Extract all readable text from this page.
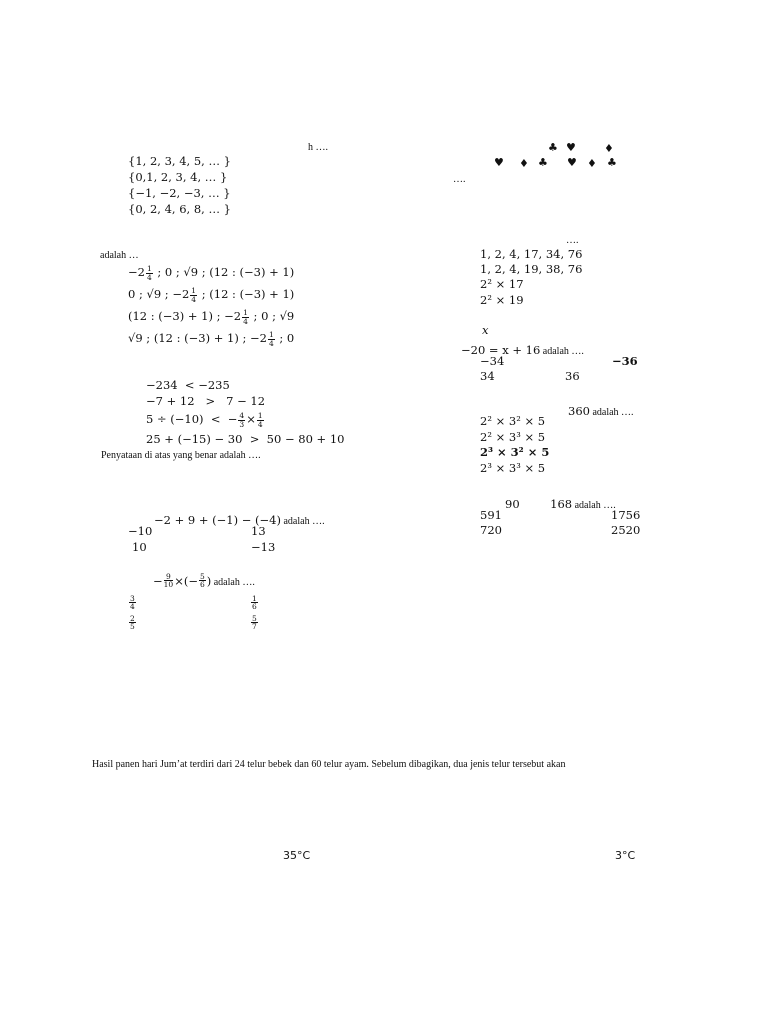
h ….
{1, 2, 3, 4, 5, … }
{0,1, 2, 3, 4, … }
{−1, −2, −3, … }
{0, 2, 4, 6, 8, … }
♣ ♥	♦
♥ ♦ ♣ ♥ ♦ ♣
….
adalah …
$-2 \frac{1}{4}$ ; 0 ; √9 ; (12 : (−3) + 1)
0 ; √9 ; $-2 \frac{1}{4}$ ; (12 : (−3) + 1)
(12 : (−3) + 1) ; $-2 \frac{1}{4}$ ; 0 ; √9
√9 ; (12 : (−3) + 1) ; $-2 \frac{1}{4}$ ; 0
….
1, 2, 4, 17, 34, 76
1, 2, 4, 19, 38, 76
2² × 17
2² × 19
−234 < −235
−7 + 12 > 7 − 12
5 ÷ (−10) < − $\frac{4}{3} \times \frac{1}{4}$
25 + (−15) − 30 > 50 − 80 + 10
Penyataan di atas yang benar adalah ….
x
−20 = x + 16 adalah ….
−34	−36
34	36
360 adalah ….
2² × 3² × 5
2² × 3³ × 5
2³ × 3² × 5
2³ × 3³ × 5
−2 + 9 + (−1) − (−4) adalah ….
−10	13
10	−13
90	168 adalah ….
591	1756
720	2520
− $\frac{9}{10}$ ×(− $\frac{5}{6}$ ) adalah ….
$\frac{3}{4}$	$\frac{1}{6}$
$\frac{2}{5}$	$\frac{5}{7}$
Hasil panen hari Jum’at terdiri dari 24 telur bebek dan 60 telur ayam. Sebelum dibagikan, dua jenis telur tersebut akan
35°C	3°C
